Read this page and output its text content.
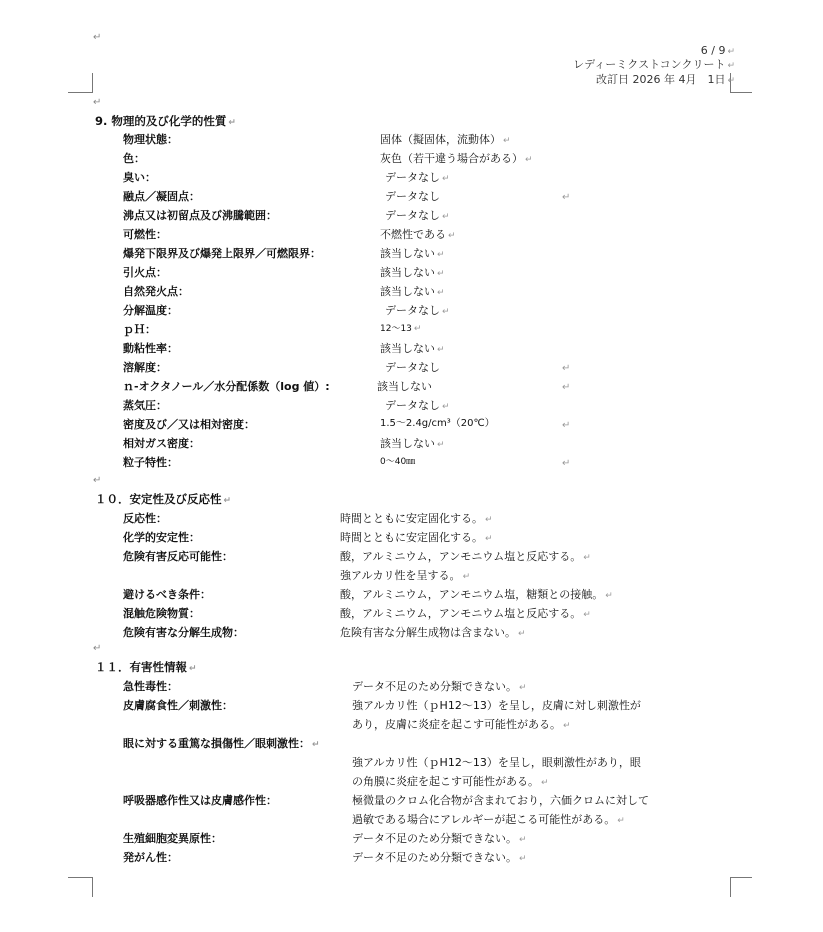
↵
6 / 9 ↵
レディーミクストコンクリート ↵
改訂日 2026 年 4月　1日 ↵
↵
9. 物理的及び化学的性質 ↵
物理状態：	固体（擬固体，流動体） ↵
色：	灰色（若干違う場合がある） ↵
臭い：	データなし ↵
融点／凝固点：	データなし	↵
沸点又は初留点及び沸騰範囲：	データなし ↵
可燃性：	不燃性である ↵
爆発下限界及び爆発上限界／可燃限界：	該当しない ↵
引火点：	該当しない ↵
自然発火点：	該当しない ↵
分解温度：	データなし ↵
ｐＨ：	12～13 ↵
動粘性率：	該当しない ↵
溶解度：	データなし	↵
ｎ-オクタノール／水分配係数（log 値）:	該当しない	↵
蒸気圧：	データなし ↵
密度及び／又は相対密度：	1.5～2.4g/cm³（20℃）	↵
相対ガス密度：	該当しない ↵
粒子特性：	0～40㎜	↵
↵
１０．安定性及び反応性 ↵
反応性：	時間とともに安定固化する。 ↵
化学的安定性：	時間とともに安定固化する。 ↵
危険有害反応可能性：	酸，アルミニウム，アンモニウム塩と反応する。 ↵
強アルカリ性を呈する。 ↵
避けるべき条件：	酸，アルミニウム，アンモニウム塩，糖類との接触。 ↵
混触危険物質：	酸，アルミニウム，アンモニウム塩と反応する。 ↵
危険有害な分解生成物：	危険有害な分解生成物は含まない。 ↵
↵
１１．有害性情報 ↵
急性毒性：	データ不足のため分類できない。 ↵
皮膚腐食性／刺激性：	強アルカリ性（ｐH12～13）を呈し，皮膚に対し刺激性が
あり，皮膚に炎症を起こす可能性がある。 ↵
眼に対する重篤な損傷性／眼刺激性： ↵
強アルカリ性（ｐH12～13）を呈し，眼刺激性があり，眼
の角膜に炎症を起こす可能性がある。 ↵
呼吸器感作性又は皮膚感作性：	極微量のクロム化合物が含まれており，六価クロムに対して
過敏である場合にアレルギーが起こる可能性がある。 ↵
生殖細胞変異原性：	データ不足のため分類できない。 ↵
発がん性：	データ不足のため分類できない。 ↵
